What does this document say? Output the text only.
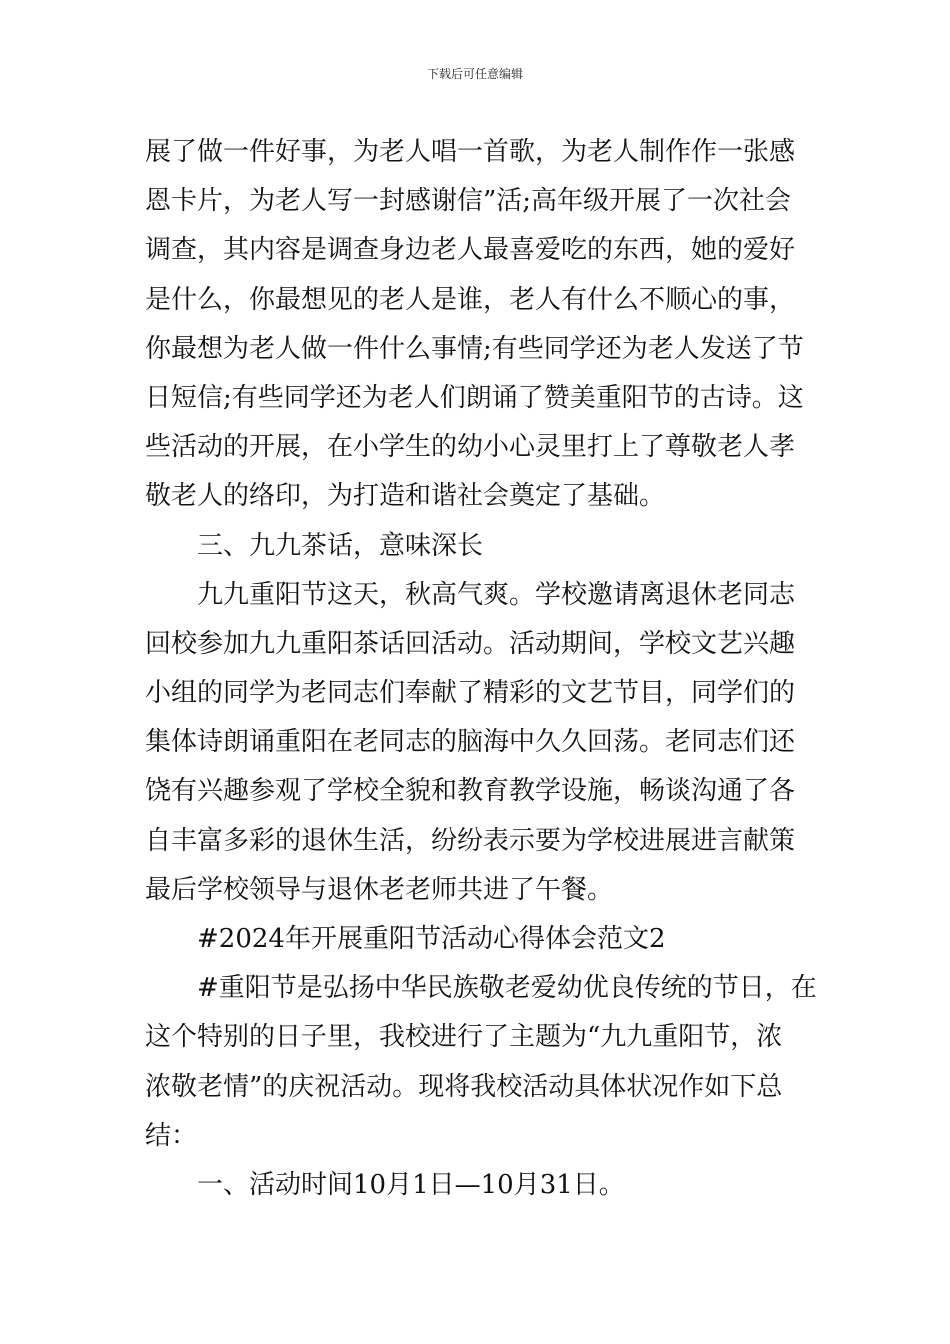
下载后可任意编辑
展了做一件好事，为老人唱一首歌，为老人制作作一张感
恩卡片，为老人写一封感谢信”活;高年级开展了一次社会
调查，其内容是调查身边老人最喜爱吃的东西，她的爱好
是什么，你最想见的老人是谁，老人有什么不顺心的事，
你最想为老人做一件什么事情;有些同学还为老人发送了节
日短信;有些同学还为老人们朗诵了赞美重阳节的古诗。这
些活动的开展，在小学生的幼小心灵里打上了尊敬老人孝
敬老人的络印，为打造和谐社会奠定了基础。
三、九九茶话，意味深长
九九重阳节这天，秋高气爽。学校邀请离退休老同志
回校参加九九重阳茶话回活动。活动期间，学校文艺兴趣
小组的同学为老同志们奉献了精彩的文艺节目，同学们的
集体诗朗诵重阳在老同志的脑海中久久回荡。老同志们还
饶有兴趣参观了学校全貌和教育教学设施，畅谈沟通了各
自丰富多彩的退休生活，纷纷表示要为学校进展进言献策
最后学校领导与退休老老师共进了午餐。
#2024年开展重阳节活动心得体会范文2
#重阳节是弘扬中华民族敬老爱幼优良传统的节日，在
这个特别的日子里，我校进行了主题为“九九重阳节，浓
浓敬老情”的庆祝活动。现将我校活动具体状况作如下总
结：
一、活动时间10月1日—10月31日。
